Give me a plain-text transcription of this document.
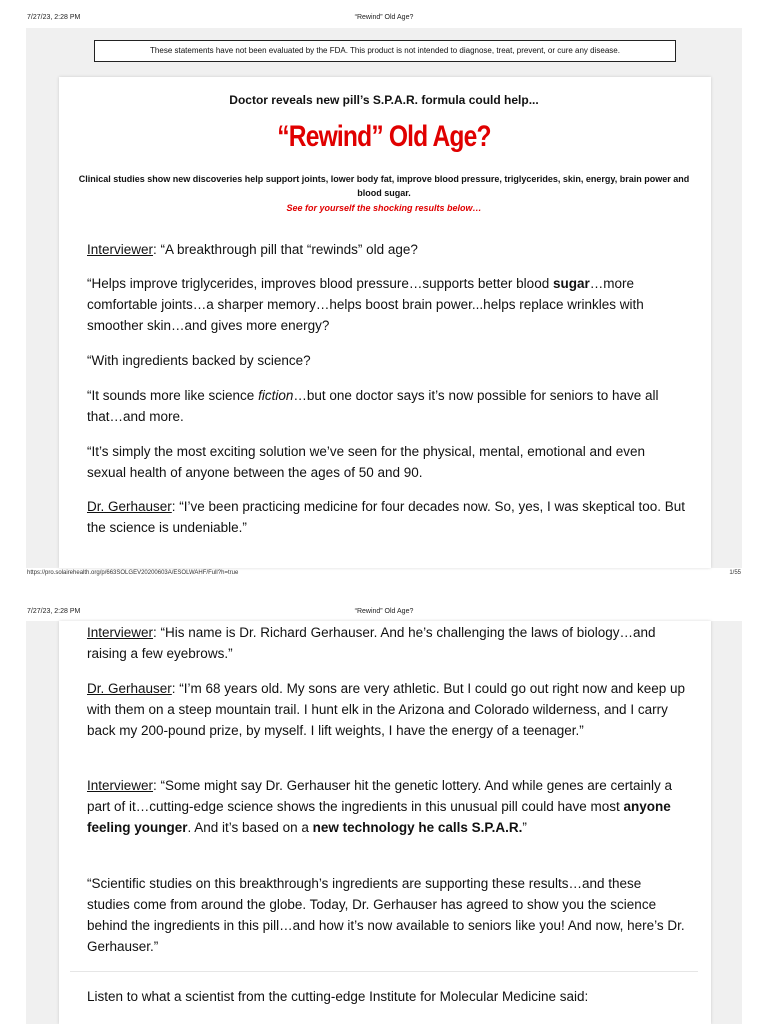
7/27/23, 2:28 PM	“Rewind” Old Age?
These statements have not been evaluated by the FDA. This product is not intended to diagnose, treat, prevent, or cure any disease.
Doctor reveals new pill’s S.P.A.R. formula could help...
“Rewind” Old Age?
Clinical studies show new discoveries help support joints, lower body fat, improve blood pressure, triglycerides, skin, energy, brain power and blood sugar.
See for yourself the shocking results below…
Interviewer: “A breakthrough pill that “rewinds” old age?
“Helps improve triglycerides, improves blood pressure…supports better blood sugar…more comfortable joints…a sharper memory…helps boost brain power...helps replace wrinkles with smoother skin…and gives more energy?
“With ingredients backed by science?
“It sounds more like science fiction…but one doctor says it’s now possible for seniors to have all that…and more.
“It’s simply the most exciting solution we’ve seen for the physical, mental, emotional and even sexual health of anyone between the ages of 50 and 90.
Dr. Gerhauser: “I’ve been practicing medicine for four decades now. So, yes, I was skeptical too. But the science is undeniable.”
https://pro.solairehealth.org/p/663SOLGEV20200603A/ESOLWAHF/Full?h=true	1/55
7/27/23, 2:28 PM	“Rewind” Old Age?
Interviewer: “His name is Dr. Richard Gerhauser. And he’s challenging the laws of biology…and raising a few eyebrows.”
Dr. Gerhauser: “I’m 68 years old. My sons are very athletic. But I could go out right now and keep up with them on a steep mountain trail. I hunt elk in the Arizona and Colorado wilderness, and I carry back my 200-pound prize, by myself. I lift weights, I have the energy of a teenager.”
Interviewer: “Some might say Dr. Gerhauser hit the genetic lottery. And while genes are certainly a part of it…cutting-edge science shows the ingredients in this unusual pill could have most anyone feeling younger. And it’s based on a new technology he calls S.P.A.R.”
“Scientific studies on this breakthrough’s ingredients are supporting these results…and these studies come from around the globe. Today, Dr. Gerhauser has agreed to show you the science behind the ingredients in this pill…and how it’s now available to seniors like you! And now, here’s Dr. Gerhauser.”
Listen to what a scientist from the cutting-edge Institute for Molecular Medicine said:
